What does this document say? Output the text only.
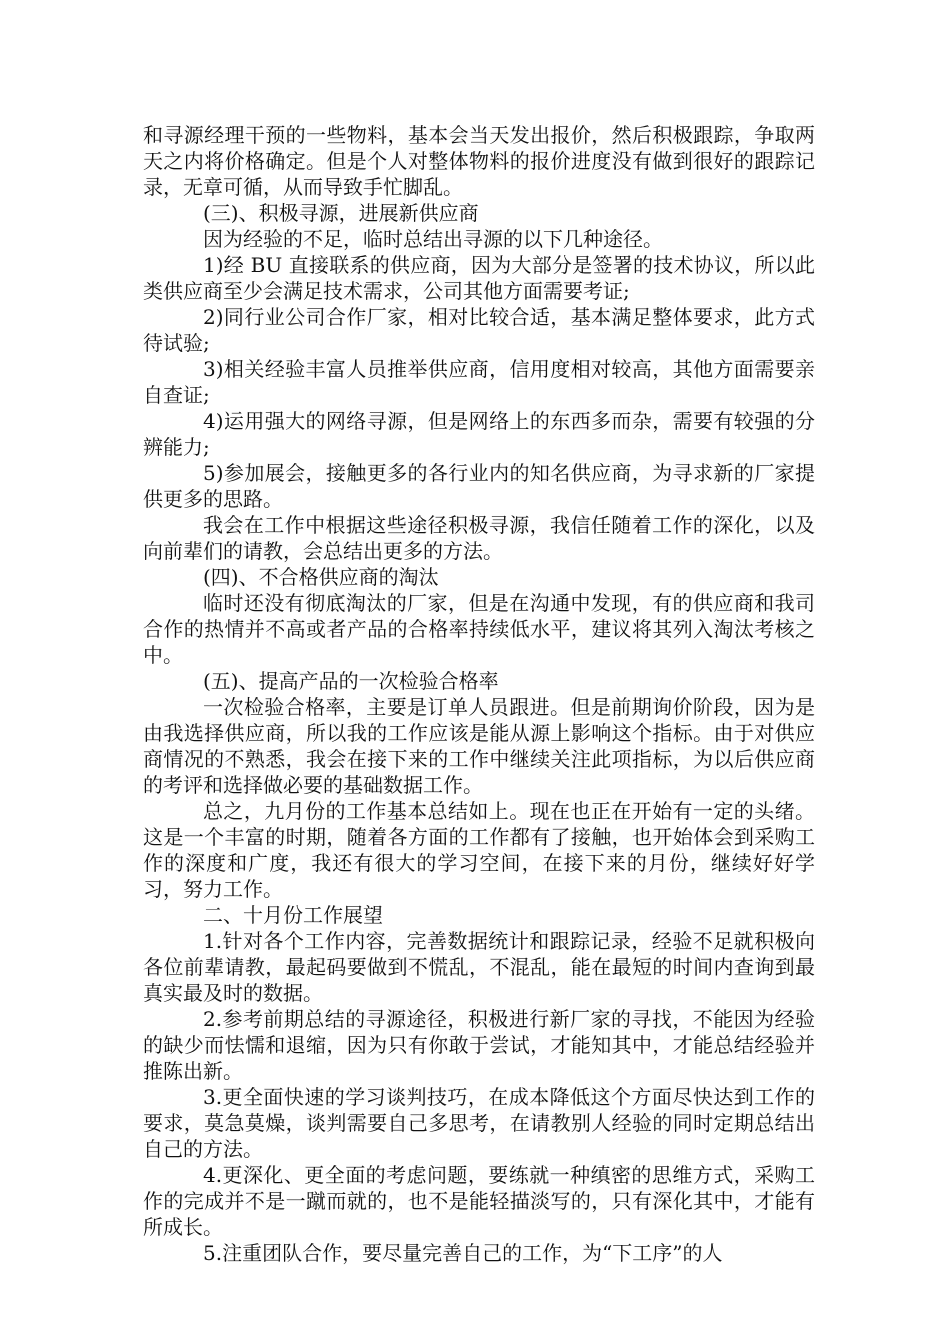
和寻源经理干预的一些物料，基本会当天发出报价，然后积极跟踪，争取两天之内将价格确定。但是个人对整体物料的报价进度没有做到很好的跟踪记录，无章可循，从而导致手忙脚乱。

(三)、积极寻源，进展新供应商

因为经验的不足，临时总结出寻源的以下几种途径。

1)经 BU 直接联系的供应商，因为大部分是签署的技术协议，所以此类供应商至少会满足技术需求，公司其他方面需要考证;

2)同行业公司合作厂家，相对比较合适，基本满足整体要求，此方式待试验;

3)相关经验丰富人员推举供应商，信用度相对较高，其他方面需要亲自查证;

4)运用强大的网络寻源，但是网络上的东西多而杂，需要有较强的分辨能力;

5)参加展会，接触更多的各行业内的知名供应商，为寻求新的厂家提供更多的思路。

我会在工作中根据这些途径积极寻源，我信任随着工作的深化，以及向前辈们的请教，会总结出更多的方法。

(四)、不合格供应商的淘汰

临时还没有彻底淘汰的厂家，但是在沟通中发现，有的供应商和我司合作的热情并不高或者产品的合格率持续低水平，建议将其列入淘汰考核之中。

(五)、提高产品的一次检验合格率

一次检验合格率，主要是订单人员跟进。但是前期询价阶段，因为是由我选择供应商，所以我的工作应该是能从源上影响这个指标。由于对供应商情况的不熟悉，我会在接下来的工作中继续关注此项指标，为以后供应商的考评和选择做必要的基础数据工作。

总之，九月份的工作基本总结如上。现在也正在开始有一定的头绪。这是一个丰富的时期，随着各方面的工作都有了接触，也开始体会到采购工作的深度和广度，我还有很大的学习空间，在接下来的月份，继续好好学习，努力工作。

二、十月份工作展望

1.针对各个工作内容，完善数据统计和跟踪记录，经验不足就积极向各位前辈请教，最起码要做到不慌乱，不混乱，能在最短的时间内查询到最真实最及时的数据。

2.参考前期总结的寻源途径，积极进行新厂家的寻找，不能因为经验的缺少而怯懦和退缩，因为只有你敢于尝试，才能知其中，才能总结经验并推陈出新。

3.更全面快速的学习谈判技巧，在成本降低这个方面尽快达到工作的要求，莫急莫燥，谈判需要自己多思考，在请教别人经验的同时定期总结出自己的方法。

4.更深化、更全面的考虑问题，要练就一种缜密的思维方式，采购工作的完成并不是一蹴而就的，也不是能轻描淡写的，只有深化其中，才能有所成长。

5.注重团队合作，要尽量完善自己的工作，为“下工序”的人
